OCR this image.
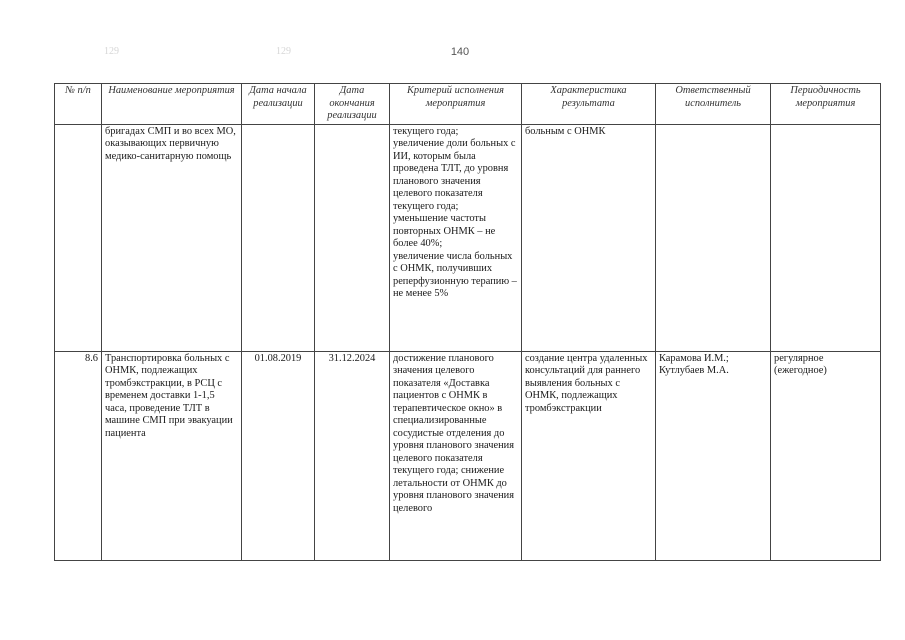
129	129	140
№ п/п	Наименование мероприятия	Дата начала реализации	Дата окончания реализации	Критерий исполнения мероприятия	Характеристика результата	Ответственный исполнитель	Периодичность мероприятия
	бригадах СМП и во всех МО, оказывающих первичную медико-санитарную помощь			текущего года;
увеличение доли больных с ИИ, которым была проведена ТЛТ, до уровня планового значения целевого показателя текущего года;
уменьшение частоты повторных ОНМК – не более 40%;
увеличение числа больных с ОНМК, получивших реперфузионную терапию – не менее 5%	больным с ОНМК		
8.6	Транспортировка больных с ОНМК, подлежащих тромбэкстракции, в РСЦ с временем доставки 1-1,5 часа, проведение ТЛТ в машине СМП при эвакуации пациента	01.08.2019	31.12.2024	достижение планового значения целевого показателя «Доставка пациентов с ОНМК в терапевтическое окно» в специализированные сосудистые отделения до уровня планового значения целевого показателя текущего года; снижение летальности от ОНМК до уровня планового значения целевого	создание центра удаленных консультаций для раннего выявления больных с ОНМК, подлежащих тромбэкстракции	Карамова И.М.;
Кутлубаев М.А.	регулярное (ежегодное)
